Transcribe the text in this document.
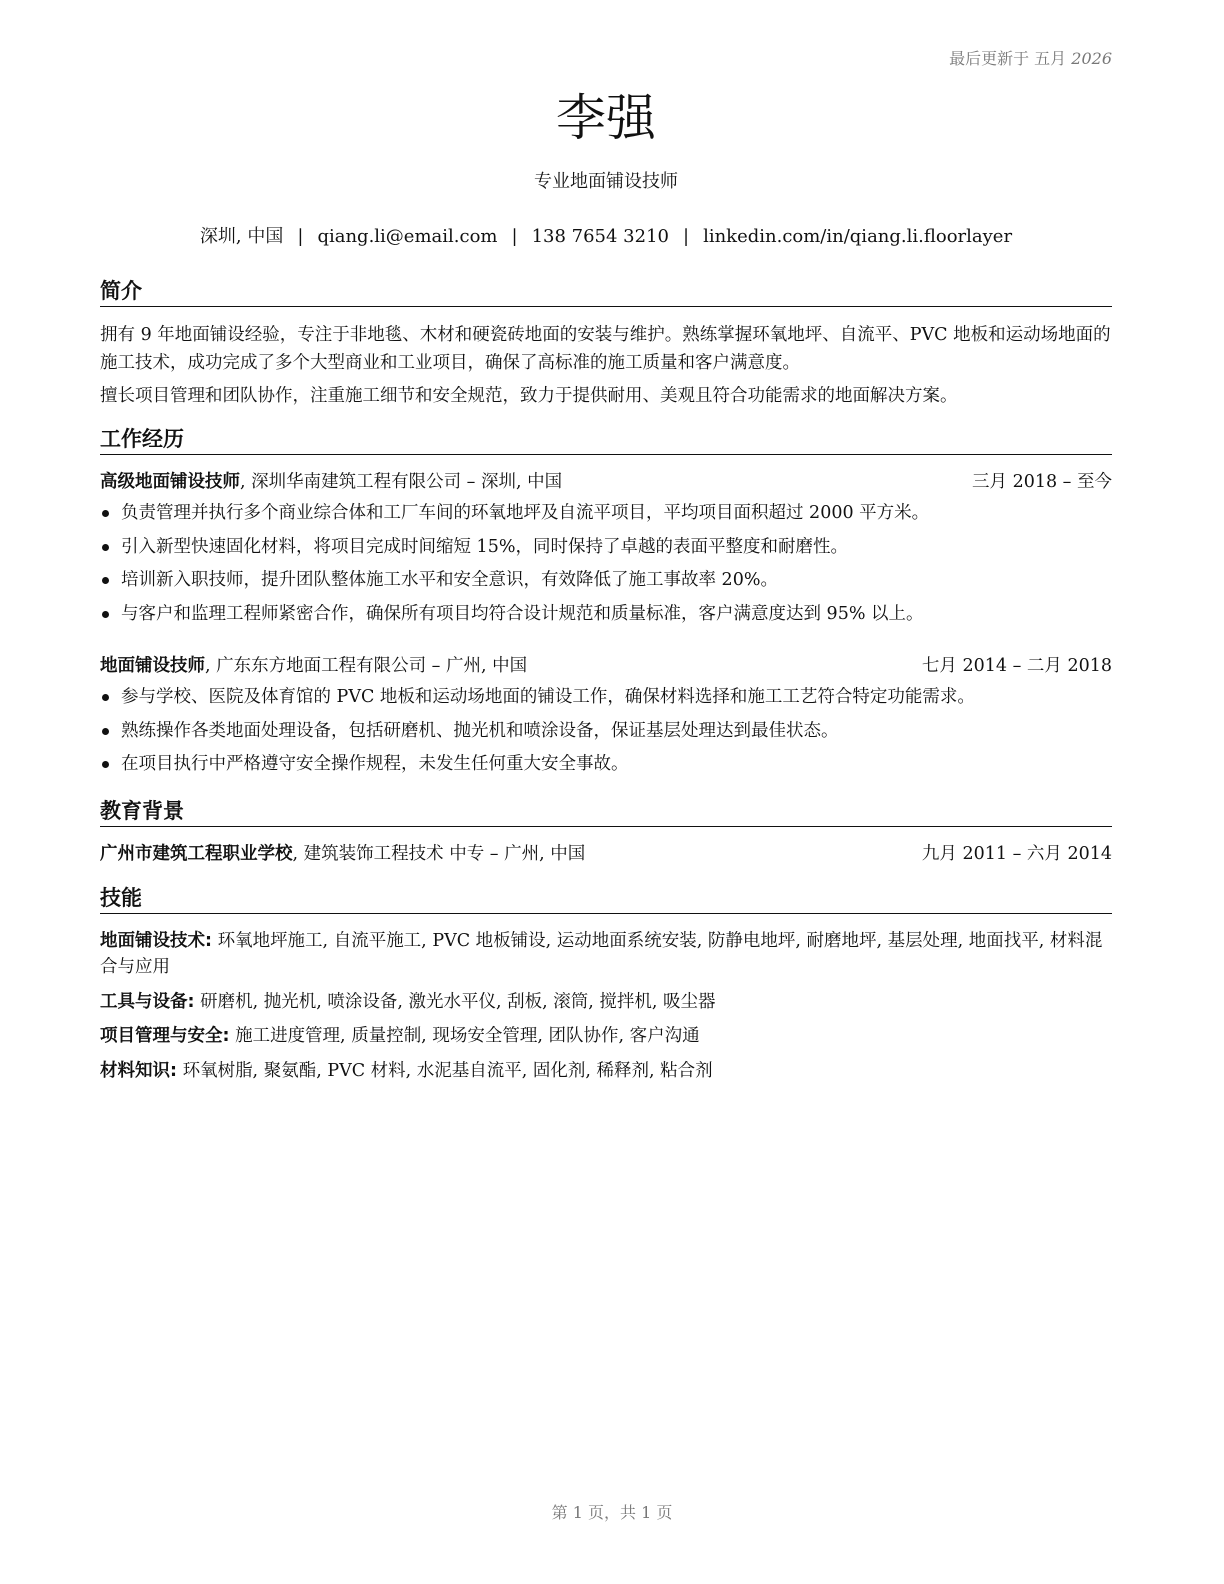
最后更新于 五月 2026
李强
专业地面铺设技师
深圳, 中国 | qiang.li@email.com | 138 7654 3210 | linkedin.com/in/qiang.li.floorlayer
简介
拥有 9 年地面铺设经验，专注于非地毯、木材和硬瓷砖地面的安装与维护。熟练掌握环氧地坪、自流平、PVC 地板和运动场地面的施工技术，成功完成了多个大型商业和工业项目，确保了高标准的施工质量和客户满意度。
擅长项目管理和团队协作，注重施工细节和安全规范，致力于提供耐用、美观且符合功能需求的地面解决方案。
工作经历
高级地面铺设技师, 深圳华南建筑工程有限公司 – 深圳, 中国	三月 2018 – 至今
负责管理并执行多个商业综合体和工厂车间的环氧地坪及自流平项目，平均项目面积超过 2000 平方米。
引入新型快速固化材料，将项目完成时间缩短 15%，同时保持了卓越的表面平整度和耐磨性。
培训新入职技师，提升团队整体施工水平和安全意识，有效降低了施工事故率 20%。
与客户和监理工程师紧密合作，确保所有项目均符合设计规范和质量标准，客户满意度达到 95% 以上。
地面铺设技师, 广东东方地面工程有限公司 – 广州, 中国	七月 2014 – 二月 2018
参与学校、医院及体育馆的 PVC 地板和运动场地面的铺设工作，确保材料选择和施工工艺符合特定功能需求。
熟练操作各类地面处理设备，包括研磨机、抛光机和喷涂设备，保证基层处理达到最佳状态。
在项目执行中严格遵守安全操作规程，未发生任何重大安全事故。
教育背景
广州市建筑工程职业学校, 建筑装饰工程技术 中专 – 广州, 中国	九月 2011 – 六月 2014
技能
地面铺设技术: 环氧地坪施工, 自流平施工, PVC 地板铺设, 运动地面系统安装, 防静电地坪, 耐磨地坪, 基层处理, 地面找平, 材料混合与应用
工具与设备: 研磨机, 抛光机, 喷涂设备, 激光水平仪, 刮板, 滚筒, 搅拌机, 吸尘器
项目管理与安全: 施工进度管理, 质量控制, 现场安全管理, 团队协作, 客户沟通
材料知识: 环氧树脂, 聚氨酯, PVC 材料, 水泥基自流平, 固化剂, 稀释剂, 粘合剂
第 1 页，共 1 页
